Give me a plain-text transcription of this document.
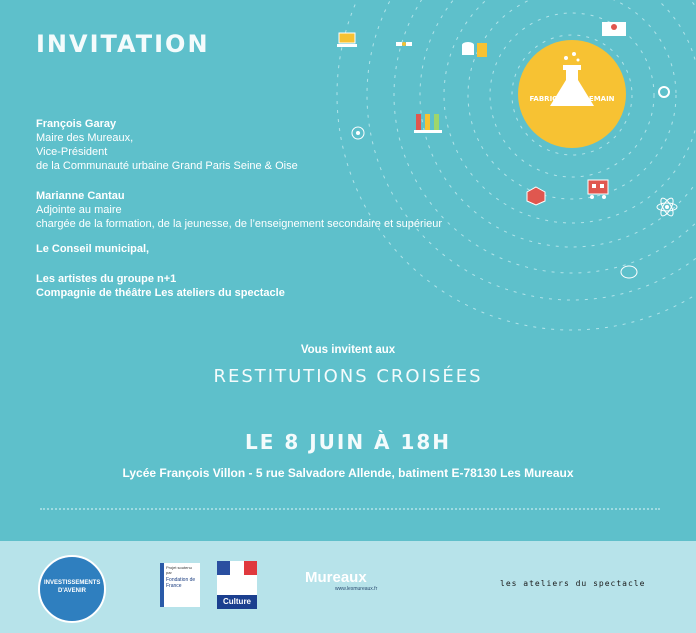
FABRIQUONS DEMAIN
INVITATION
François Garay
Maire des Mureaux,
Vice-Président
de la Communauté urbaine Grand Paris Seine & Oise
Marianne Cantau
Adjointe au maire
chargée de la formation, de la jeunesse, de l’enseignement secondaire et supérieur
Le Conseil municipal,
Les artistes du groupe n+1
Compagnie de théâtre Les ateliers du spectacle
Vous invitent aux
RESTITUTIONS CROISÉES
LE 8 JUIN À 18H
Lycée François Villon - 5 rue Salvadore Allende, batiment E-78130 Les Mureaux
INVESTISSEMENTS D'AVENIR
Projet soutenu par
Fondation de France
Culture
Mureaux
www.lesmureaux.fr
les ateliers du spectacle
